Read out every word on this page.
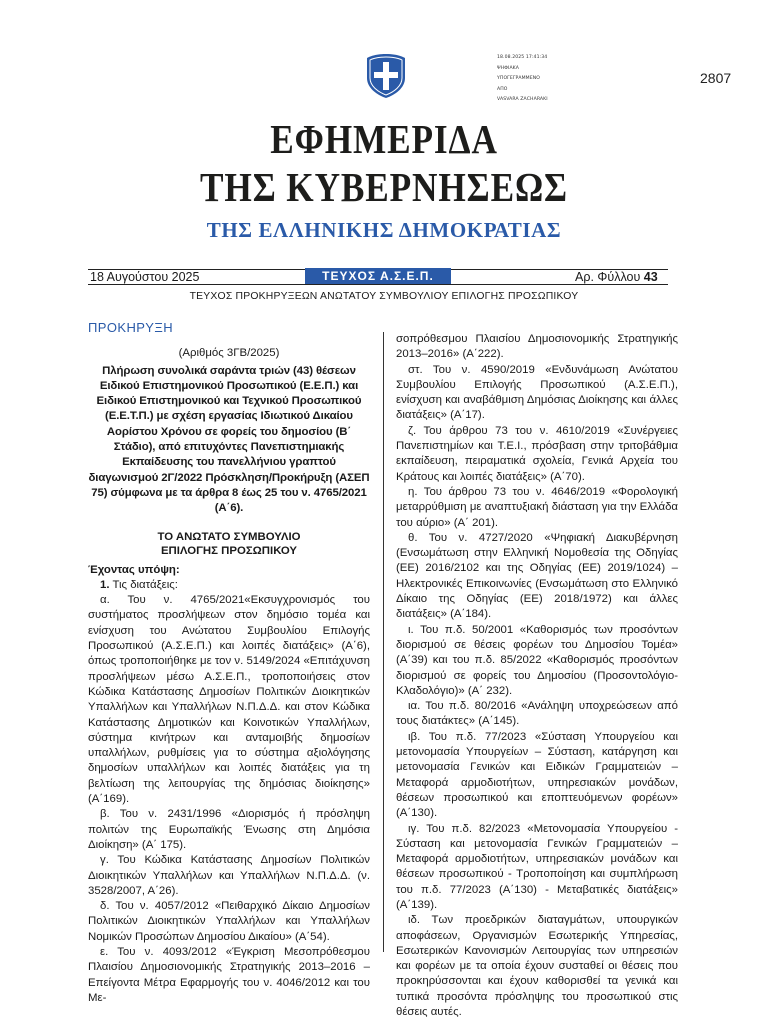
18.08.2025 17:41:34
ΨΗΦΙΑΚΑ
ΥΠΟΓΕΓΡΑΜΜΕΝΟ
ΑΠΟ
VASVARA ZACHARAKI
2807
ΕΦΗΜΕΡΙΔΑ
ΤΗΣ ΚΥΒΕΡΝΗΣΕΩΣ
ΤΗΣ ΕΛΛΗΝΙΚΗΣ ΔΗΜΟΚΡΑΤΙΑΣ
18 Αυγούστου 2025	ΤΕΥΧΟΣ Α.Σ.Ε.Π.	Αρ. Φύλλου 43
ΤΕΥΧΟΣ ΠΡΟΚΗΡΥΞΕΩΝ ΑΝΩΤΑΤΟΥ ΣΥΜΒΟΥΛΙΟΥ ΕΠΙΛΟΓΗΣ ΠΡΟΣΩΠΙΚΟΥ

ΠΡΟΚΗΡΥΞΗ

(Αριθμός 3ΓΒ/2025)

Πλήρωση συνολικά σαράντα τριών (43) θέσεων Ειδικού Επιστημονικού Προσωπικού (Ε.Ε.Π.) και Ειδικού Επιστημονικού και Τεχνικού Προσωπικού (Ε.Ε.Τ.Π.) με σχέση εργασίας Ιδιωτικού Δικαίου Αορίστου Χρόνου σε φορείς του δημοσίου (Β΄ Στάδιο), από επιτυχόντες Πανεπιστημιακής Εκπαίδευσης του πανελλήνιου γραπτού διαγωνισμού 2Γ/2022 Πρόσκληση/Προκήρυξη (ΑΣΕΠ 75) σύμφωνα με τα άρθρα 8 έως 25 του ν. 4765/2021 (Α΄6).

ΤΟ ΑΝΩΤΑΤΟ ΣΥΜΒΟΥΛΙΟ

ΕΠΙΛΟΓΗΣ ΠΡΟΣΩΠΙΚΟΥ

Έχοντας υπόψη:

1. Τις διατάξεις:

α. Του ν. 4765/2021«Εκσυγχρονισμός του συστήματος προσλήψεων στον δημόσιο τομέα και ενίσχυση του Ανώτατου Συμβουλίου Επιλογής Προσωπικού (Α.Σ.Ε.Π.) και λοιπές διατάξεις» (Α΄6), όπως τροποποιήθηκε με τον ν. 5149/2024 «Επιτάχυνση προσλήψεων μέσω Α.Σ.Ε.Π., τροποποιήσεις στον Κώδικα Κατάστασης Δημοσίων Πολιτικών Διοικητικών Υπαλλήλων και Υπαλλήλων Ν.Π.Δ.Δ. και στον Κώδικα Κατάστασης Δημοτικών και Κοινοτικών Υπαλλήλων, σύστημα κινήτρων και ανταμοιβής δημοσίων υπαλλήλων, ρυθμίσεις για το σύστημα αξιολόγησης δημοσίων υπαλλήλων και λοιπές διατάξεις για τη βελτίωση της λειτουργίας της δημόσιας διοίκησης» (Α΄169).

β. Του ν. 2431/1996 «Διορισμός ή πρόσληψη πολιτών της Ευρωπαϊκής Ένωσης στη Δημόσια Διοίκηση» (Α΄ 175).

γ. Του Κώδικα Κατάστασης Δημοσίων Πολιτικών Διοικητικών Υπαλλήλων και Υπαλλήλων Ν.Π.Δ.Δ. (ν. 3528/2007, Α΄26).

δ. Του ν. 4057/2012 «Πειθαρχικό Δίκαιο Δημοσίων Πολιτικών Διοικητικών Υπαλλήλων και Υπαλλήλων Νομικών Προσώπων Δημοσίου Δικαίου» (Α΄54).

ε. Του ν. 4093/2012 «Έγκριση Μεσοπρόθεσμου Πλαισίου Δημοσιονομικής Στρατηγικής 2013–2016 – Επείγοντα Μέτρα Εφαρμογής του ν. 4046/2012 και του Με-

σοπρόθεσμου Πλαισίου Δημοσιονομικής Στρατηγικής 2013–2016» (Α΄222).

στ. Του ν. 4590/2019 «Ενδυνάμωση Ανώτατου Συμβουλίου Επιλογής Προσωπικού (Α.Σ.Ε.Π.), ενίσχυση και αναβάθμιση Δημόσιας Διοίκησης και άλλες διατάξεις» (Α΄17).

ζ. Του άρθρου 73 του ν. 4610/2019 «Συνέργειες Πανεπιστημίων και Τ.Ε.Ι., πρόσβαση στην τριτοβάθμια εκπαίδευση, πειραματικά σχολεία, Γενικά Αρχεία του Κράτους και λοιπές διατάξεις» (Α΄70).

η. Του άρθρου 73 του ν. 4646/2019 «Φορολογική μεταρρύθμιση με αναπτυξιακή διάσταση για την Ελλάδα του αύριο» (Α΄ 201).

θ. Του ν. 4727/2020 «Ψηφιακή Διακυβέρνηση (Ενσωμάτωση στην Ελληνική Νομοθεσία της Οδηγίας (ΕΕ) 2016/2102 και της Οδηγίας (ΕΕ) 2019/1024) – Ηλεκτρονικές Επικοινωνίες (Ενσωμάτωση στο Ελληνικό Δίκαιο της Οδηγίας (ΕΕ) 2018/1972) και άλλες διατάξεις» (Α΄184).

ι. Του π.δ. 50/2001 «Καθορισμός των προσόντων διορισμού σε θέσεις φορέων του Δημοσίου Τομέα» (Α΄39) και του π.δ. 85/2022 «Καθορισμός προσόντων διορισμού σε φορείς του Δημοσίου (Προσοντολόγιο-Κλαδολόγιο)» (Α΄ 232).

ια. Του π.δ. 80/2016 «Ανάληψη υποχρεώσεων από τους διατάκτες» (Α΄145).

ιβ. Του π.δ. 77/2023 «Σύσταση Υπουργείου και μετονομασία Υπουργείων – Σύσταση, κατάργηση και μετονομασία Γενικών και Ειδικών Γραμματειών – Μεταφορά αρμοδιοτήτων, υπηρεσιακών μονάδων, θέσεων προσωπικού και εποπτευόμενων φορέων» (Α΄130).

ιγ. Του π.δ. 82/2023 «Μετονομασία Υπουργείου - Σύσταση και μετονομασία Γενικών Γραμματειών – Μεταφορά αρμοδιοτήτων, υπηρεσιακών μονάδων και θέσεων προσωπικού - Τροποποίηση και συμπλήρωση του π.δ. 77/2023 (Α΄130) - Μεταβατικές διατάξεις» (Α΄139).

ιδ. Των προεδρικών διαταγμάτων, υπουργικών αποφάσεων, Οργανισμών Εσωτερικής Υπηρεσίας, Εσωτερικών Κανονισμών Λειτουργίας των υπηρεσιών και φορέων με τα οποία έχουν συσταθεί οι θέσεις που προκηρύσσονται και έχουν καθορισθεί τα γενικά και τυπικά προσόντα πρόσληψης του προσωπικού στις θέσεις αυτές.
